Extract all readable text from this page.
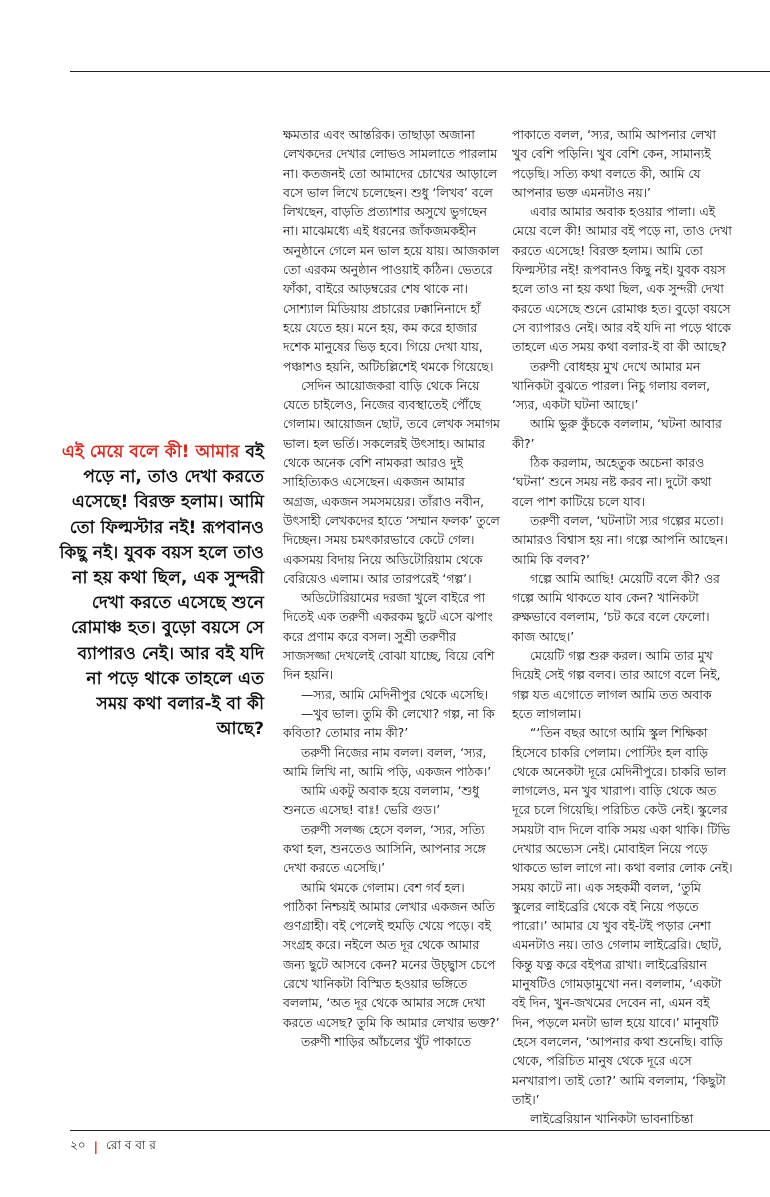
এই মেয়ে বলে কী! আমার বই পড়ে না, তাও দেখা করতে এসেছে! বিরক্ত হলাম। আমি তো ফিল্মস্টার নই! রূপবানও কিছু নই। যুবক বয়স হলে তাও না হয় কথা ছিল, এক সুন্দরী দেখা করতে এসেছে শুনে রোমাঞ্চ হত। বুড়ো বয়সে সে ব্যাপারও নেই। আর বই যদি না পড়ে থাকে তাহলে এত সময় কথা বলার-ই বা কী আছে?

ক্ষমতার এবং আন্তরিক। তাছাড়া অজানা লেখকদের দেখার লোভও সামলাতে পারলাম না। কতজনই তো আমাদের চোখের আড়ালে বসে ভাল লিখে চলেছেন। শুধু ‘লিখব’ বলে লিখছেন, বাড়তি প্রত্যাশার অসুখে ভুগছেন না। মাঝেমধ্যে এই ধরনের জাঁকজমকহীন অনুষ্ঠানে গেলে মন ভাল হয়ে যায়। আজকাল তো এরকম অনুষ্ঠান পাওয়াই কঠিন। ভেতরে ফাঁকা, বাইরে আড়ম্বরের শেষ থাকে না। সোশ্যাল মিডিয়ায় প্রচারের ঢক্কানিনাদে হাঁ হয়ে যেতে হয়। মনে হয়, কম করে হাজার দশেক মানুষের ভিড় হবে। গিয়ে দেখা যায়, পঞ্চাশও হয়নি, অটিচল্লিশেই থমকে গিয়েছে।

সেদিন আয়োজকরা বাড়ি থেকে নিয়ে যেতে চাইলেও, নিজের ব্যবস্থাতেই পৌঁছে গেলাম। আয়োজন ছোট, তবে লেখক সমাগম ভাল। হল ভর্তি। সকলেরই উৎসাহ। আমার থেকে অনেক বেশি নামকরা আরও দুই সাহিত্যিকও এসেছেন। একজন আমার অগ্রজ, একজন সমসময়ের। তাঁরাও নবীন, উৎসাহী লেখকদের হাতে ‘সম্মান ফলক’ তুলে দিচ্ছেন। সময় চমৎকারভাবে কেটে গেল। একসময় বিদায় নিয়ে অডিটোরিয়াম থেকে বেরিয়েও এলাম। আর তারপরেই ‘গল্প’।

অডিটোরিয়ামের দরজা খুলে বাইরে পা দিতেই এক তরুণী একরকম ছুটে এসে ঝপাং করে প্রণাম করে বসল। সুশ্রী তরুণীর সাজসজ্জা দেখলেই বোঝা যাচ্ছে, বিয়ে বেশি দিন হয়নি।

—স্যর, আমি মেদিনীপুর থেকে এসেছি।

—খুব ভাল। তুমি কী লেখো? গল্প, না কি কবিতা? তোমার নাম কী?’

তরুণী নিজের নাম বলল। বলল, ‘স্যর, আমি লিখি না, আমি পড়ি, একজন পাঠক।’

আমি একটু অবাক হয়ে বললাম, ‘শুধু শুনতে এসেছ! বাঃ! ভেরি গুড।’

তরুণী সলজ্জ হেসে বলল, ‘স্যর, সত্যি কথা হল, শুনতেও আসিনি, আপনার সঙ্গে দেখা করতে এসেছি।’

আমি থমকে গেলাম। বেশ গর্ব হল। পাঠিকা নিশ্চয়ই আমার লেখার একজন অতি গুণগ্রাহী। বই পেলেই হুমড়ি খেয়ে পড়ে। বই সংগ্রহ করে। নইলে অত দূর থেকে আমার জন্য ছুটে আসবে কেন? মনের উচ্ছ্বাস চেপে রেখে খানিকটা বিস্মিত হওয়ার ভঙ্গিতে বললাম, ‘অত দূর থেকে আমার সঙ্গে দেখা করতে এসেছ? তুমি কি আমার লেখার ভক্ত?’

তরুণী শাড়ির আঁচলের খুঁট পাকাতে

পাকাতে বলল, ‘স্যর, আমি আপনার লেখা খুব বেশি পড়িনি। খুব বেশি কেন, সামান্যই পড়েছি। সত্যি কথা বলতে কী, আমি যে আপনার ভক্ত এমনটাও নয়।’

এবার আমার অবাক হওয়ার পালা। এই মেয়ে বলে কী! আমার বই পড়ে না, তাও দেখা করতে এসেছে! বিরক্ত হলাম। আমি তো ফিল্মস্টার নই! রূপবানও কিছু নই। যুবক বয়স হলে তাও না হয় কথা ছিল, এক সুন্দরী দেখা করতে এসেছে শুনে রোমাঞ্চ হত। বুড়ো বয়সে সে ব্যাপারও নেই। আর বই যদি না পড়ে থাকে তাহলে এত সময় কথা বলার-ই বা কী আছে?

তরুণী বোধহয় মুখ দেখে আমার মন খানিকটা বুঝতে পারল। নিচু গলায় বলল, ‘স্যর, একটা ঘটনা আছে।’

আমি ভুরু কুঁচকে বললাম, ‘ঘটনা আবার কী?’

ঠিক করলাম, অহেতুক অচেনা কারও ‘ঘটনা’ শুনে সময় নষ্ট করব না। দুটো কথা বলে পাশ কাটিয়ে চলে যাব।

তরুণী বলল, ‘ঘটনাটা স্যর গল্পের মতো। আমারও বিশ্বাস হয় না। গল্পে আপনি আছেন। আমি কি বলব?’

গল্পে আমি আছি! মেয়েটি বলে কী? ওর গল্পে আমি থাকতে যাব কেন? খানিকটা রুক্ষভাবে বললাম, ‘চট করে বলে ফেলো। কাজ আছে।’

মেয়েটি গল্প শুরু করল। আমি তার মুখ দিয়েই সেই গল্প বলব। তার আগে বলে নিই, গল্প যত এগোতে লাগল আমি তত অবাক হতে লাগলাম।

“‘তিন বছর আগে আমি স্কুল শিক্ষিকা হিসেবে চাকরি পেলাম। পোস্টিং হল বাড়ি থেকে অনেকটা দূরে মেদিনীপুরে। চাকরি ভাল লাগলেও, মন খুব খারাপ। বাড়ি থেকে অত দূরে চলে গিয়েছি। পরিচিত কেউ নেই। স্কুলের সময়টা বাদ দিলে বাকি সময় একা থাকি। টিভি দেখার অভ্যেস নেই। মোবাইল নিয়ে পড়ে থাকতে ভাল লাগে না। কথা বলার লোক নেই। সময় কাটে না। এক সহকর্মী বলল, ‘তুমি স্কুলের লাইব্রেরি থেকে বই নিয়ে পড়তে পারো।’ আমার যে খুব বই-টই পড়ার নেশা এমনটাও নয়। তাও গেলাম লাইব্রেরি। ছোট, কিন্তু যত্ন করে বইপত্র রাখা। লাইব্রেরিয়ান মানুষটিও গোমড়ামুখো নন। বললাম, ‘একটা বই দিন, খুন-জখমের দেবেন না, এমন বই দিন, পড়লে মনটা ভাল হয়ে যাবে।’ মানুষটি হেসে বললেন, ‘আপনার কথা শুনেছি। বাড়ি থেকে, পরিচিত মানুষ থেকে দূরে এসে মনখারাপ। তাই তো?’ আমি বললাম, ‘কিছুটা তাই।’

লাইব্রেরিয়ান খানিকটা ভাবনাচিন্তা

২০ | রো ব বা র
